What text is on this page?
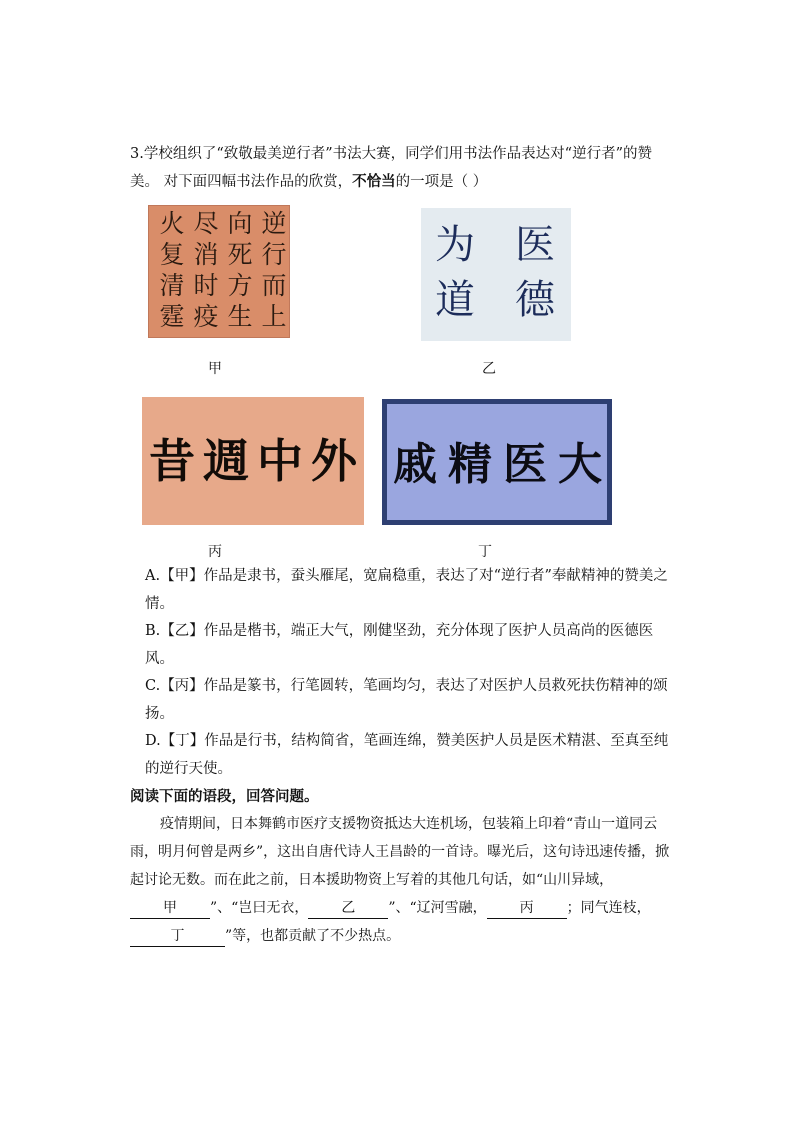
3.学校组织了“致敬最美逆行者”书法大赛，同学们用书法作品表达对“逆行者”的赞美。 对下面四幅书法作品的欣赏，不恰当的一项是（ ）
逆
行
而
上
向
死
方
生
尽
消
时
疫
火
复
清
霆
甲
医
德
为
道
乙
昔 週 中 外
丙
戚 精 医 大
丁
A.【甲】作品是隶书，蚕头雁尾，宽扁稳重，表达了对“逆行者”奉献精神的赞美之情。
B.【乙】作品是楷书，端正大气，刚健坚劲，充分体现了医护人员高尚的医德医风。
C.【丙】作品是篆书，行笔圆转，笔画均匀，表达了对医护人员救死扶伤精神的颂扬。
D.【丁】作品是行书，结构简省，笔画连绵，赞美医护人员是医术精湛、至真至纯的逆行天使。
阅读下面的语段，回答问题。
疫情期间，日本舞鹤市医疗支援物资抵达大连机场，包装箱上印着“青山一道同云雨，明月何曾是两乡”，这出自唐代诗人王昌龄的一首诗。曝光后，这句诗迅速传播，掀起讨论无数。而在此之前，日本援助物资上写着的其他几句话，如“山川异域，甲 ”、“岂曰无衣， 乙 ”、“辽河雪融， 丙 ；同气连枝，丁	”等，也都贡献了不少热点。
